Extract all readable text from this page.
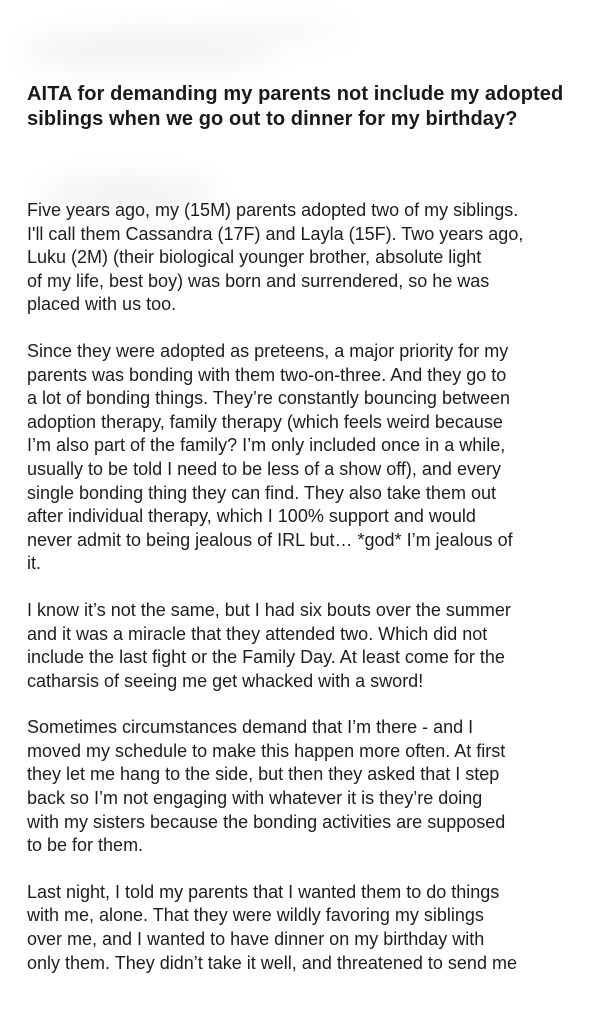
AITA for demanding my parents not include my adopted siblings when we go out to dinner for my birthday?

Five years ago, my (15M) parents adopted two of my siblings.
I'll call them Cassandra (17F) and Layla (15F). Two years ago,
Luku (2M) (their biological younger brother, absolute light
of my life, best boy) was born and surrendered, so he was
placed with us too.

Since they were adopted as preteens, a major priority for my
parents was bonding with them two-on-three. And they go to
a lot of bonding things. They’re constantly bouncing between
adoption therapy, family therapy (which feels weird because
I’m also part of the family? I’m only included once in a while,
usually to be told I need to be less of a show off), and every
single bonding thing they can find. They also take them out
after individual therapy, which I 100% support and would
never admit to being jealous of IRL but… *god* I’m jealous of
it.

I know it’s not the same, but I had six bouts over the summer
and it was a miracle that they attended two. Which did not
include the last fight or the Family Day. At least come for the
catharsis of seeing me get whacked with a sword!

Sometimes circumstances demand that I’m there - and I
moved my schedule to make this happen more often. At first
they let me hang to the side, but then they asked that I step
back so I’m not engaging with whatever it is they’re doing
with my sisters because the bonding activities are supposed
to be for them.

Last night, I told my parents that I wanted them to do things
with me, alone. That they were wildly favoring my siblings
over me, and I wanted to have dinner on my birthday with
only them. They didn’t take it well, and threatened to send me
